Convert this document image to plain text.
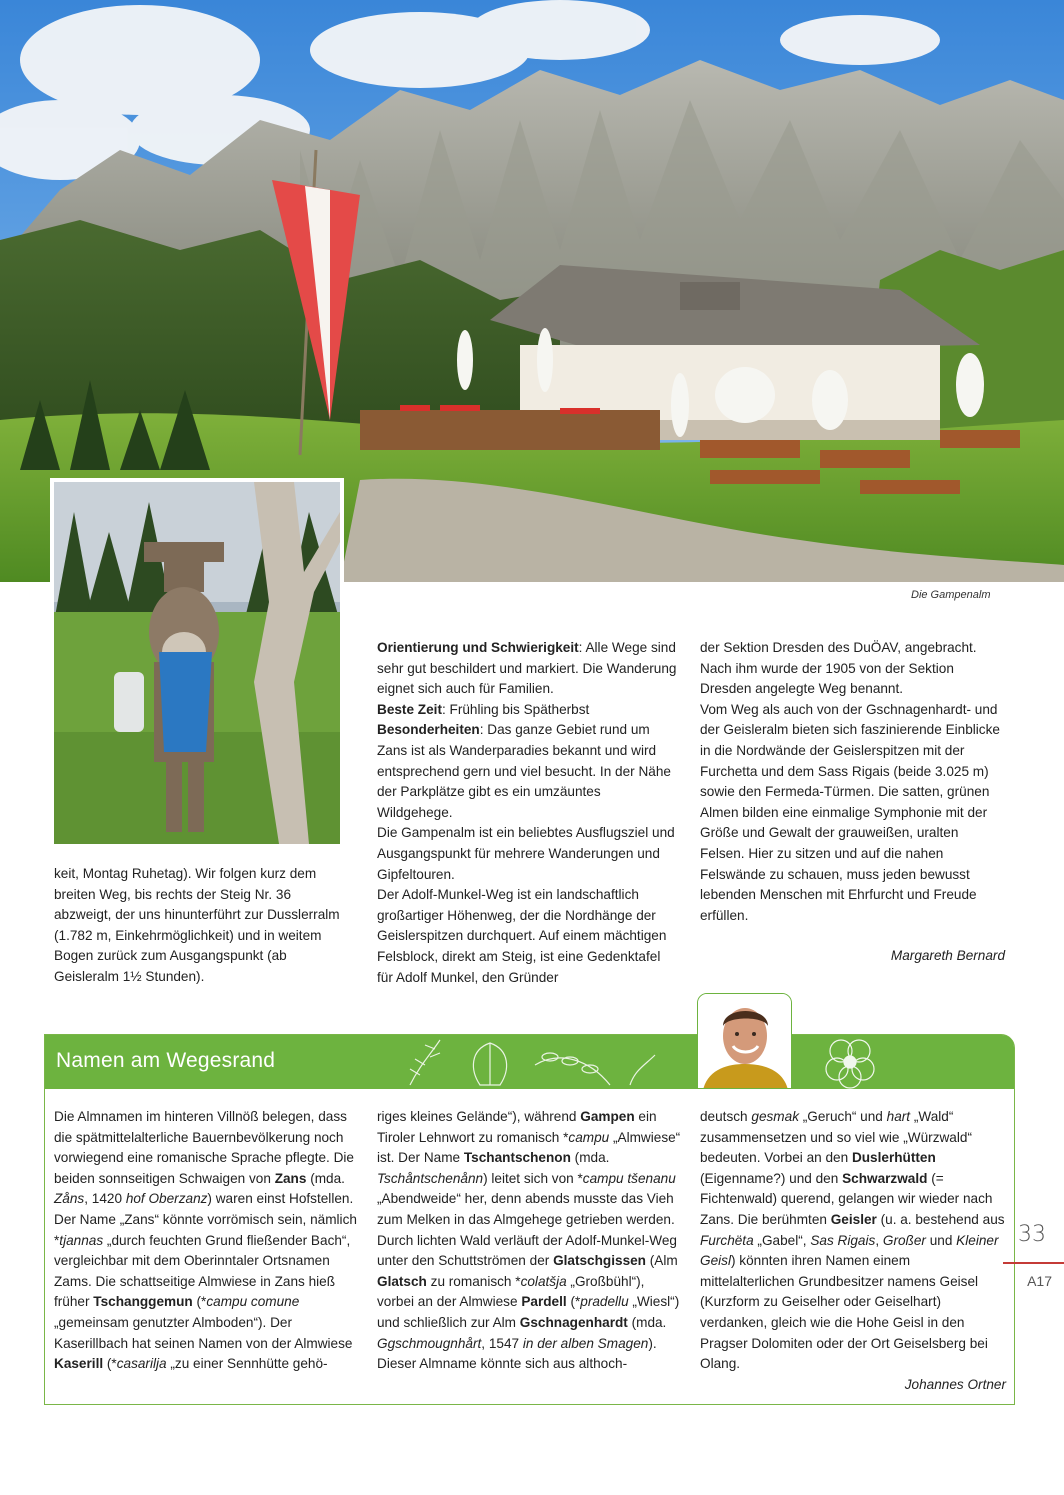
Die Gampenalm

keit, Montag Ruhetag). Wir folgen kurz dem breiten Weg, bis rechts der Steig Nr. 36 abzweigt, der uns hinunterführt zur Dusslerralm (1.782 m, Einkehrmöglichkeit) und in weitem Bogen zurück zum Ausgangspunkt (ab Geisleralm 1½ Stunden).

Orientierung und Schwierigkeit: Alle Wege sind sehr gut beschildert und markiert. Die Wanderung eignet sich auch für Familien.

Beste Zeit: Frühling bis Spätherbst

Besonderheiten: Das ganze Gebiet rund um Zans ist als Wanderparadies bekannt und wird entsprechend gern und viel besucht. In der Nähe der Parkplätze gibt es ein umzäuntes Wildgehege.

Die Gampenalm ist ein beliebtes Ausflugsziel und Ausgangspunkt für mehrere Wanderungen und Gipfeltouren.

Der Adolf-Munkel-Weg ist ein landschaftlich großartiger Höhenweg, der die Nordhänge der Geislerspitzen durchquert. Auf einem mächtigen Felsblock, direkt am Steig, ist eine Gedenktafel für Adolf Munkel, den Gründer

der Sektion Dresden des DuÖAV, angebracht. Nach ihm wurde der 1905 von der Sektion Dresden angelegte Weg benannt.

Vom Weg als auch von der Gschnagenhardt- und der Geisleralm bieten sich faszinierende Einblicke in die Nordwände der Geislerspitzen mit der Furchetta und dem Sass Rigais (beide 3.025 m) sowie den Fermeda-Türmen. Die satten, grünen Almen bilden eine einmalige Symphonie mit der Größe und Gewalt der grauweißen, uralten Felsen. Hier zu sitzen und auf die nahen Felswände zu schauen, muss jeden bewusst lebenden Menschen mit Ehrfurcht und Freude erfüllen.

Margareth Bernard

Namen am Wegesrand

Die Almnamen im hinteren Villnöß belegen, dass die spätmittelalterliche Bauernbevölkerung noch vorwiegend eine romanische Sprache pflegte. Die beiden sonnseitigen Schwaigen von Zans (mda. Zåns, 1420 hof Oberzanz) waren einst Hofstellen. Der Name „Zans“ könnte vorrömisch sein, nämlich *tjannas „durch feuchten Grund fließender Bach“, vergleichbar mit dem Oberinntaler Ortsnamen Zams. Die schattseitige Almwiese in Zans hieß früher Tschanggemun (*campu comune „gemeinsam genutzter Almboden“). Der Kaserillbach hat seinen Namen von der Almwiese Kaserill (*casarilja „zu einer Sennhütte gehö-

riges kleines Gelände“), während Gampen ein Tiroler Lehnwort zu romanisch *campu „Almwiese“ ist. Der Name Tschantschenon (mda. Tschåntschenånn) leitet sich von *campu tšenanu „Abendweide“ her, denn abends musste das Vieh zum Melken in das Almgehege getrieben werden. Durch lichten Wald verläuft der Adolf-Munkel-Weg unter den Schuttströmen der Glatschgissen (Alm Glatsch zu romanisch *colatšja „Großbühl“), vorbei an der Almwiese Pardell (*pradellu „Wiesl“) und schließlich zur Alm Gschnagenhardt (mda. Ggschmougnhårt, 1547 in der alben Smagen). Dieser Almname könnte sich aus althoch-

deutsch gesmak „Geruch“ und hart „Wald“ zusammensetzen und so viel wie „Würzwald“ bedeuten. Vorbei an den Duslerhütten (Eigenname?) und den Schwarzwald (= Fichtenwald) querend, gelangen wir wieder nach Zans. Die berühmten Geisler (u. a. bestehend aus Furchëta „Gabel“, Sas Rigais, Großer und Kleiner Geisl) könnten ihren Namen einem mittelalterlichen Grundbesitzer namens Geisel (Kurzform zu Geiselher oder Geiselhart) verdanken, gleich wie die Hohe Geisl in den Pragser Dolomiten oder der Ort Geiselsberg bei Olang.

Johannes Ortner

33
A17
